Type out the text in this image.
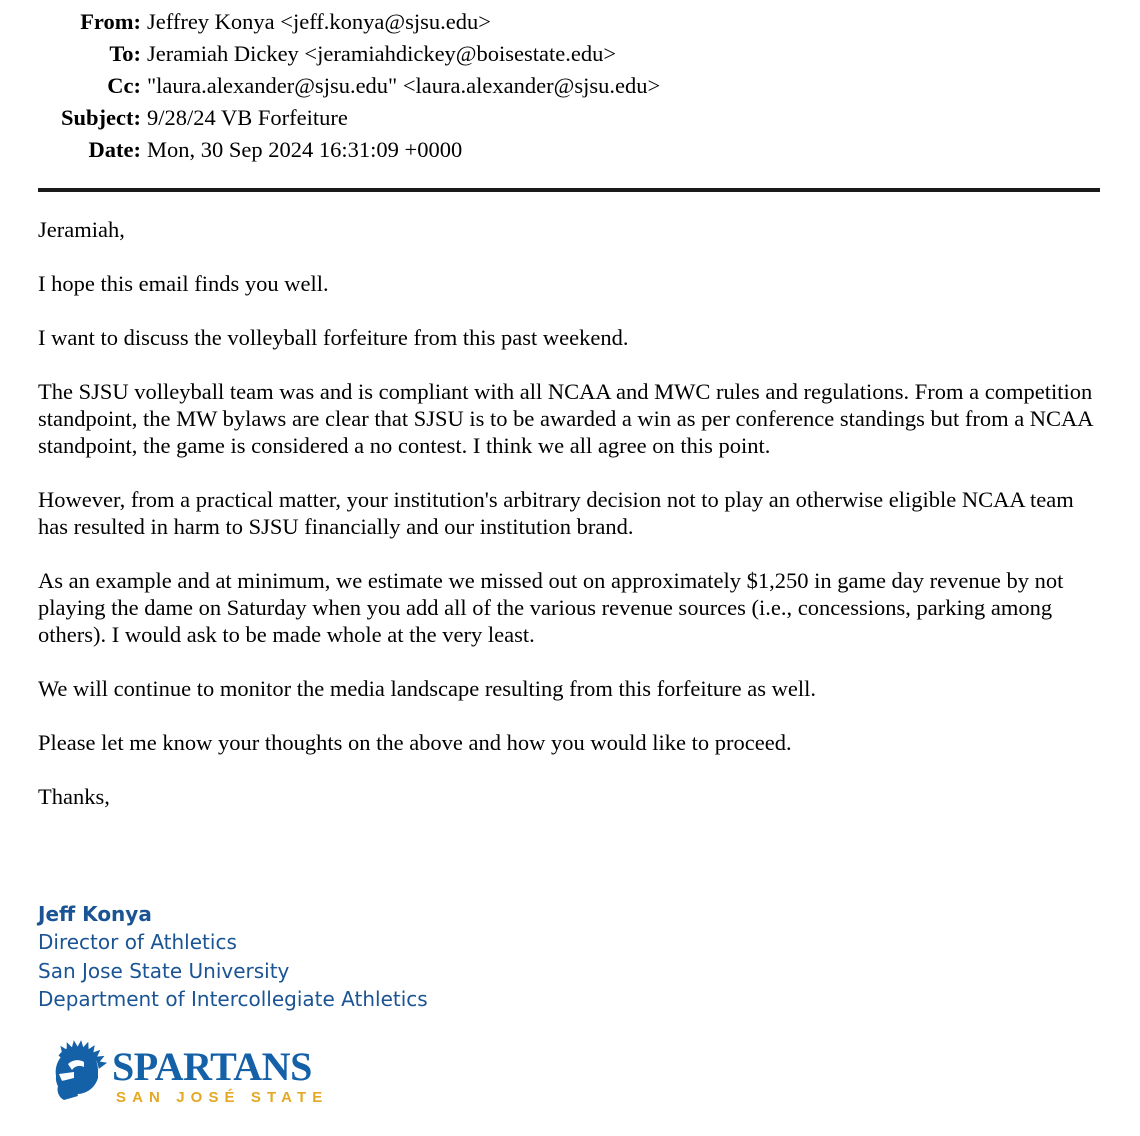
From: Jeffrey Konya <jeff.konya@sjsu.edu>
To: Jeramiah Dickey <jeramiahdickey@boisestate.edu>
Cc: "laura.alexander@sjsu.edu" <laura.alexander@sjsu.edu>
Subject: 9/28/24 VB Forfeiture
Date: Mon, 30 Sep 2024 16:31:09 +0000

Jeramiah,

I hope this email finds you well.

I want to discuss the volleyball forfeiture from this past weekend.

The SJSU volleyball team was and is compliant with all NCAA and MWC rules and regulations. From a competition standpoint, the MW bylaws are clear that SJSU is to be awarded a win as per conference standings but from a NCAA standpoint, the game is considered a no contest. I think we all agree on this point.

However, from a practical matter, your institution's arbitrary decision not to play an otherwise eligible NCAA team has resulted in harm to SJSU financially and our institution brand.

As an example and at minimum, we estimate we missed out on approximately $1,250 in game day revenue by not playing the dame on Saturday when you add all of the various revenue sources (i.e., concessions, parking among others). I would ask to be made whole at the very least.

We will continue to monitor the media landscape resulting from this forfeiture as well.

Please let me know your thoughts on the above and how you would like to proceed.

Thanks,

Jeff Konya
Director of Athletics
San Jose State University
Department of Intercollegiate Athletics
SPARTANS
SAN JOSÉ STATE
